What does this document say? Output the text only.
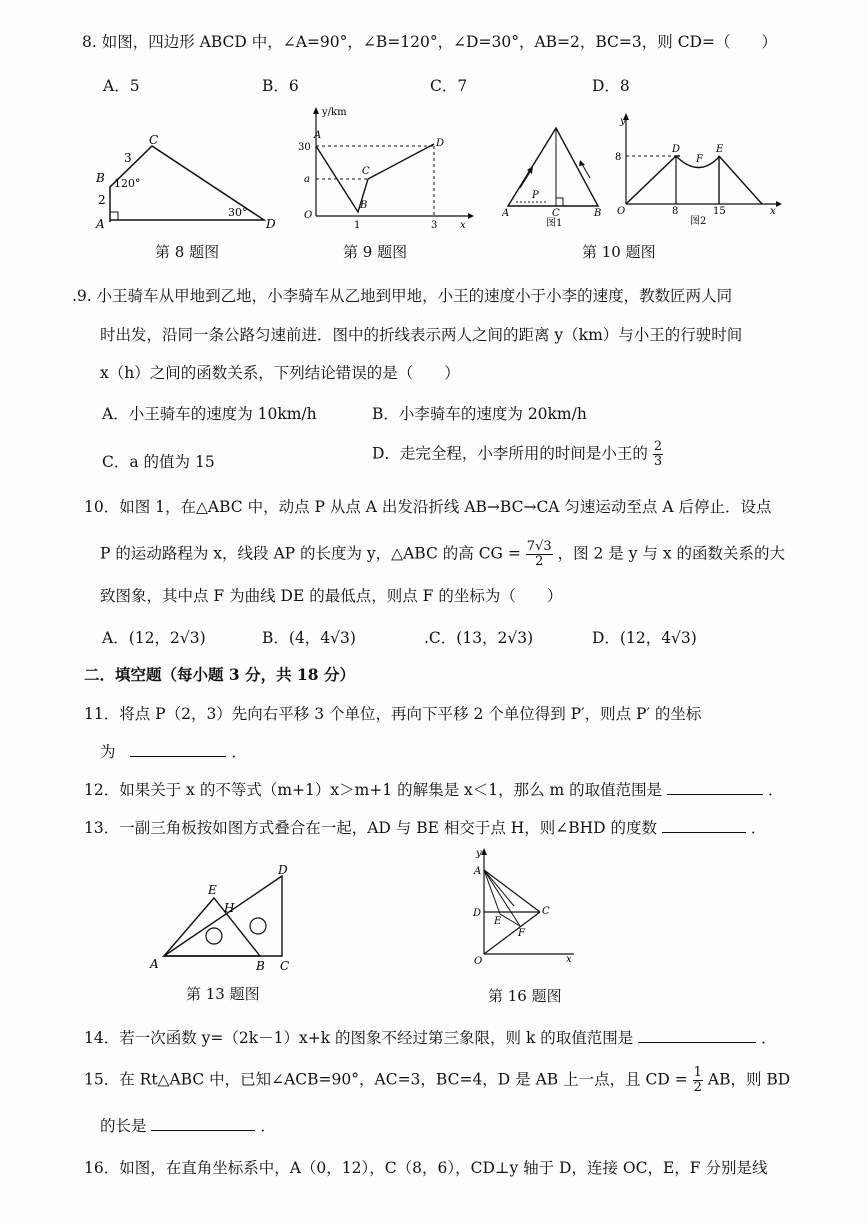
8. 如图，四边形 ABCD 中，∠A=90°，∠B=120°，∠D=30°，AB=2，BC=3，则 CD=（　　）
A．5	B．6	C．7	D．8
A
B
C
D
3
2
120°
30°
第 8 题图
y/km
A
30
a
O
C
B
1
D
3 x
第 9 题图
A
P
C	B
图1
y
8
D
F
E
O	8	15	x
图2
第 10 题图
.9. 小王骑车从甲地到乙地，小李骑车从乙地到甲地，小王的速度小于小李的速度，教数匠两人同
时出发，沿同一条公路匀速前进．图中的折线表示两人之间的距离 y（km）与小王的行驶时间
x（h）之间的函数关系，下列结论错误的是（　　）
A．小王骑车的速度为 10km/h	B．小李骑车的速度为 20km/h
C．a 的值为 15	D．走完全程，小李所用的时间是小王的 $\frac{2}{3}$
10．如图 1，在△ABC 中，动点 P 从点 A 出发沿折线 AB→BC→CA 匀速运动至点 A 后停止．设点
P 的运动路程为 x，线段 AP 的长度为 y，△ABC 的高 CG = $\frac{7√3}{2}$ ，图 2 是 y 与 x 的函数关系的大
致图象，其中点 F 为曲线 DE 的最低点，则点 F 的坐标为（　　）
A．(12，2√3)	B．(4，4√3)	.C．(13，2√3)	D．(12，4√3)
二．填空题（每小题 3 分，共 18 分）
11．将点 P（2，3）先向右平移 3 个单位，再向下平移 2 个单位得到 P′，则点 P′ 的坐标
为	．
12．如果关于 x 的不等式（m+1）x＞m+1 的解集是 x＜1，那么 m 的取值范围是	．
13．一副三角板按如图方式叠合在一起，AD 与 BE 相交于点 H，则∠BHD 的度数	．
E
H
D
A	B C
第 13 题图
y
A
D
E
C
F
O	x
第 16 题图
14．若一次函数 y=（2k－1）x+k 的图象不经过第三象限，则 k 的取值范围是	．
15．在 Rt△ABC 中，已知∠ACB=90°，AC=3，BC=4，D 是 AB 上一点，且 CD = $\frac{1}{2}$ AB，则 BD
的长是	．
16．如图，在直角坐标系中，A（0，12），C（8，6），CD⊥y 轴于 D，连接 OC，E，F 分别是线
